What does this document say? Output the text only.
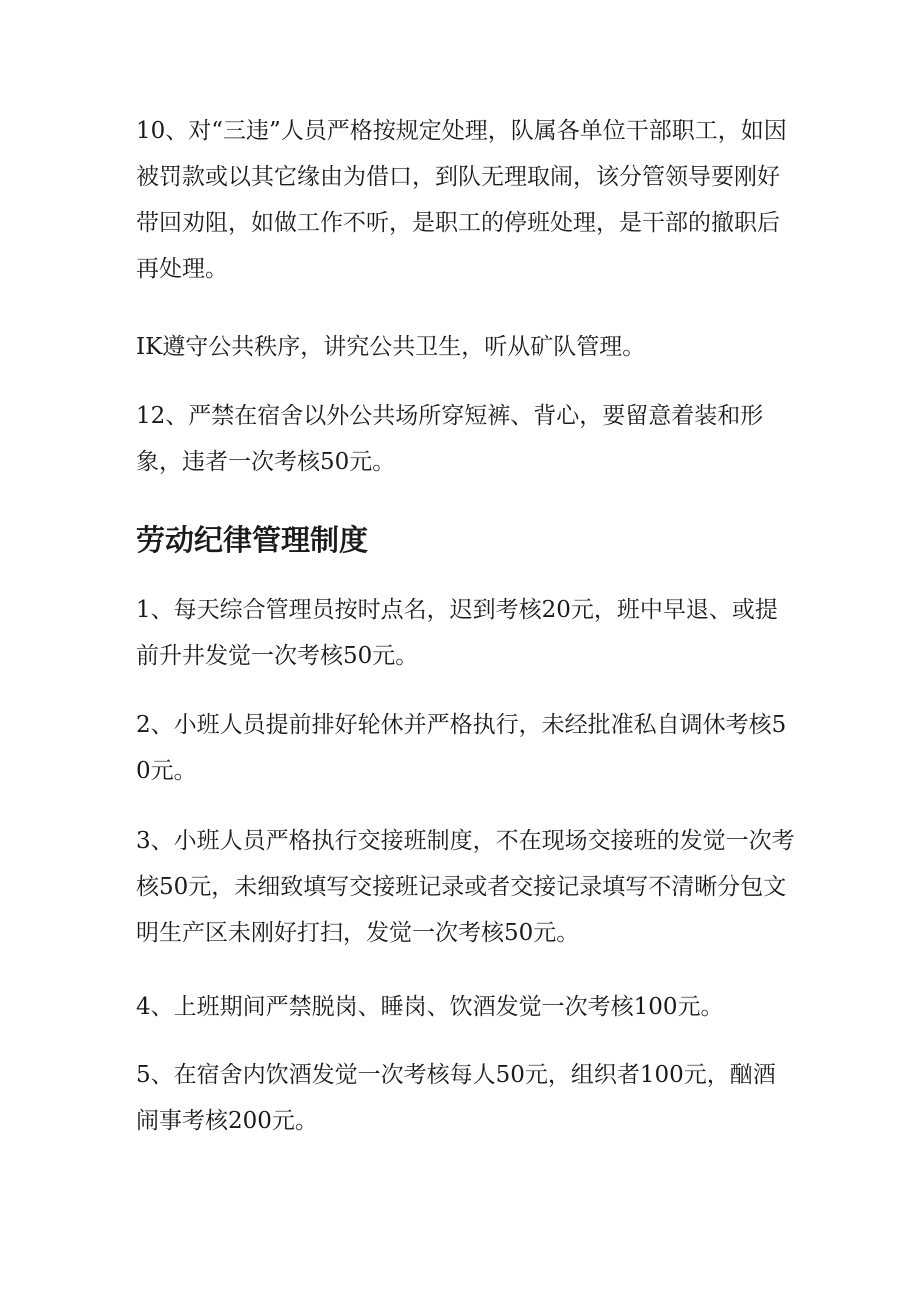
10、对“三违”人员严格按规定处理，队属各单位干部职工，如因被罚款或以其它缘由为借口，到队无理取闹，该分管领导要刚好带回劝阻，如做工作不听，是职工的停班处理，是干部的撤职后再处理。

IK遵守公共秩序，讲究公共卫生，听从矿队管理。

12、严禁在宿舍以外公共场所穿短裤、背心，要留意着装和形象，违者一次考核50元。

劳动纪律管理制度

1、每天综合管理员按时点名，迟到考核20元，班中早退、或提前升井发觉一次考核50元。

2、小班人员提前排好轮休并严格执行，未经批准私自调休考核50元。

3、小班人员严格执行交接班制度，不在现场交接班的发觉一次考核50元，未细致填写交接班记录或者交接记录填写不清晰分包文明生产区未刚好打扫，发觉一次考核50元。

4、上班期间严禁脱岗、睡岗、饮酒发觉一次考核100元。

5、在宿舍内饮酒发觉一次考核每人50元，组织者100元，酗酒闹事考核200元。
